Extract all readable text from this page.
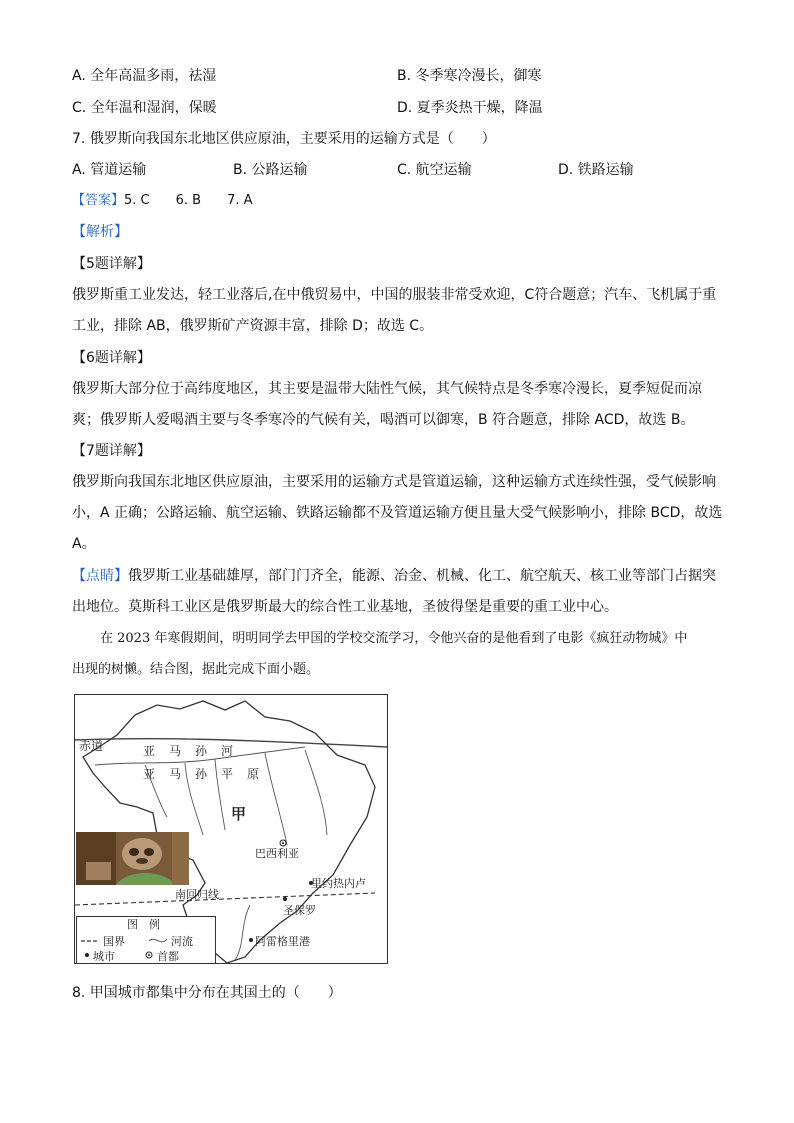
A. 全年高温多雨，祛湿	B. 冬季寒冷漫长，御寒
C. 全年温和湿润，保暖	D. 夏季炎热干燥，降温
7. 俄罗斯向我国东北地区供应原油，主要采用的运输方式是（　　）
A. 管道运输	B. 公路运输	C. 航空运输	D. 铁路运输
【答案】5. C　　6. B　　7. A
【解析】
【5题详解】
俄罗斯重工业发达，轻工业落后,在中俄贸易中，中国的服装非常受欢迎，C符合题意；汽车、飞机属于重
工业，排除 AB，俄罗斯矿产资源丰富，排除 D；故选 C。
【6题详解】
俄罗斯大部分位于高纬度地区，其主要是温带大陆性气候，其气候特点是冬季寒冷漫长，夏季短促而凉
爽；俄罗斯人爱喝酒主要与冬季寒冷的气候有关，喝酒可以御寒，B 符合题意，排除 ACD，故选 B。
【7题详解】
俄罗斯向我国东北地区供应原油，主要采用的运输方式是管道运输，这种运输方式连续性强，受气候影响
小，A 正确；公路运输、航空运输、铁路运输都不及管道运输方便且量大受气候影响小，排除 BCD，故选
A。
【点睛】俄罗斯工业基础雄厚，部门门齐全，能源、冶金、机械、化工、航空航天、核工业等部门占据突
出地位。莫斯科工业区是俄罗斯最大的综合性工业基地，圣彼得堡是重要的重工业中心。
在 2023 年寒假期间，明明同学去甲国的学校交流学习，令他兴奋的是他看到了电影《疯狂动物城》中
出现的树懒。结合图，据此完成下面小题。
赤道	亚　马　孙　河
亚　马　孙　平　原
甲
巴西利亚
南回归线
里约热内卢
圣保罗
阿雷格里港
图　例
国界	河流
城市	首都
8. 甲国城市都集中分布在其国土的（　　）
